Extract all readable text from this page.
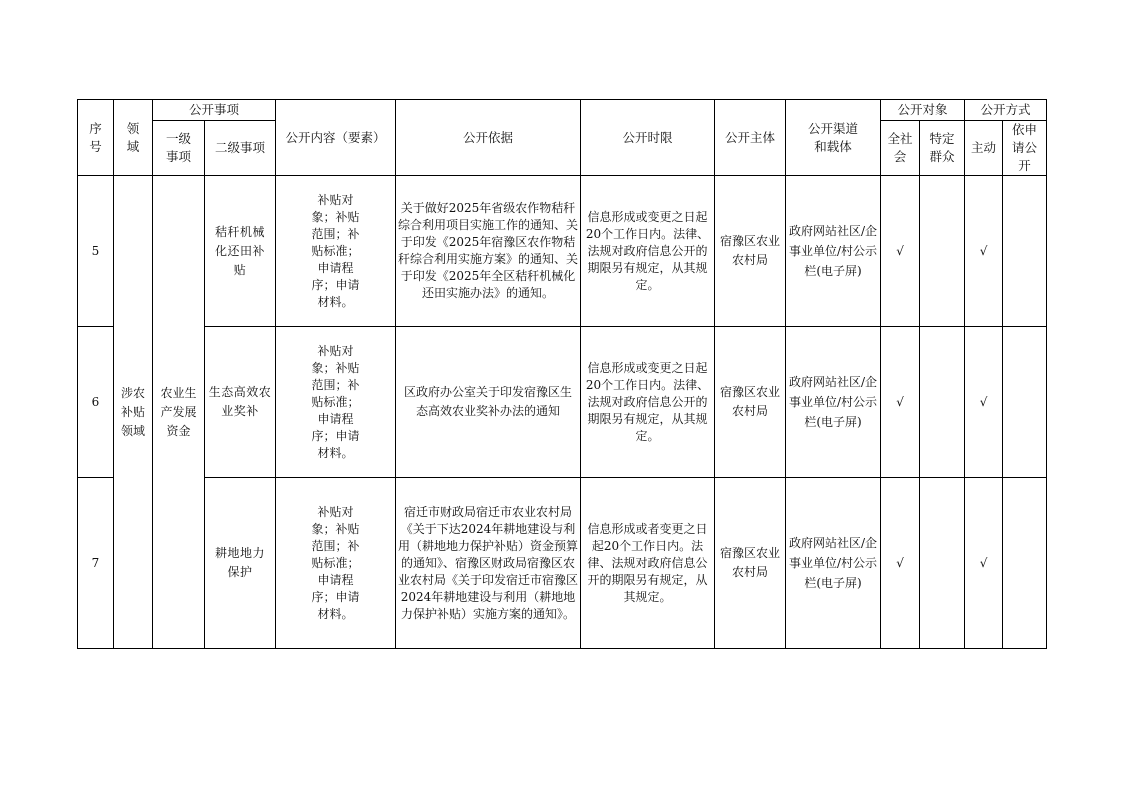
序号	领域	公开事项		公开内容（要素）	公开依据	公开时限	公开主体	公开渠道和载体	公开对象		公开方式	
		一级事项	二级事项						全社会	特定群众	主动	依申请公开
5	涉农补贴领域	农业生产发展资金	秸秆机械化还田补贴	补贴对象；补贴范围；补贴标准；申请程序；申请材料。	关于做好2025年省级农作物秸秆综合利用项目实施工作的通知、关于印发《2025年宿豫区农作物秸秆综合利用实施方案》的通知、关于印发《2025年全区秸秆机械化还田实施办法》的通知。	信息形成或变更之日起20个工作日内。法律、法规对政府信息公开的期限另有规定，从其规定。	宿豫区农业农村局	政府网站社区/企事业单位/村公示栏(电子屏)	√		√	
6			生态高效农业奖补	补贴对象；补贴范围；补贴标准；申请程序；申请材料。	区政府办公室关于印发宿豫区生态高效农业奖补办法的通知	信息形成或变更之日起20个工作日内。法律、法规对政府信息公开的期限另有规定，从其规定。	宿豫区农业农村局	政府网站社区/企事业单位/村公示栏(电子屏)	√		√	
7			耕地地力保护	补贴对象；补贴范围；补贴标准；申请程序；申请材料。	宿迁市财政局宿迁市农业农村局《关于下达2024年耕地建设与利用（耕地地力保护补贴）资金预算的通知》、宿豫区财政局宿豫区农业农村局《关于印发宿迁市宿豫区2024年耕地建设与利用（耕地地力保护补贴）实施方案的通知》。	信息形成或者变更之日起20个工作日内。法律、法规对政府信息公开的期限另有规定，从其规定。	宿豫区农业农村局	政府网站社区/企事业单位/村公示栏(电子屏)	√		√	
